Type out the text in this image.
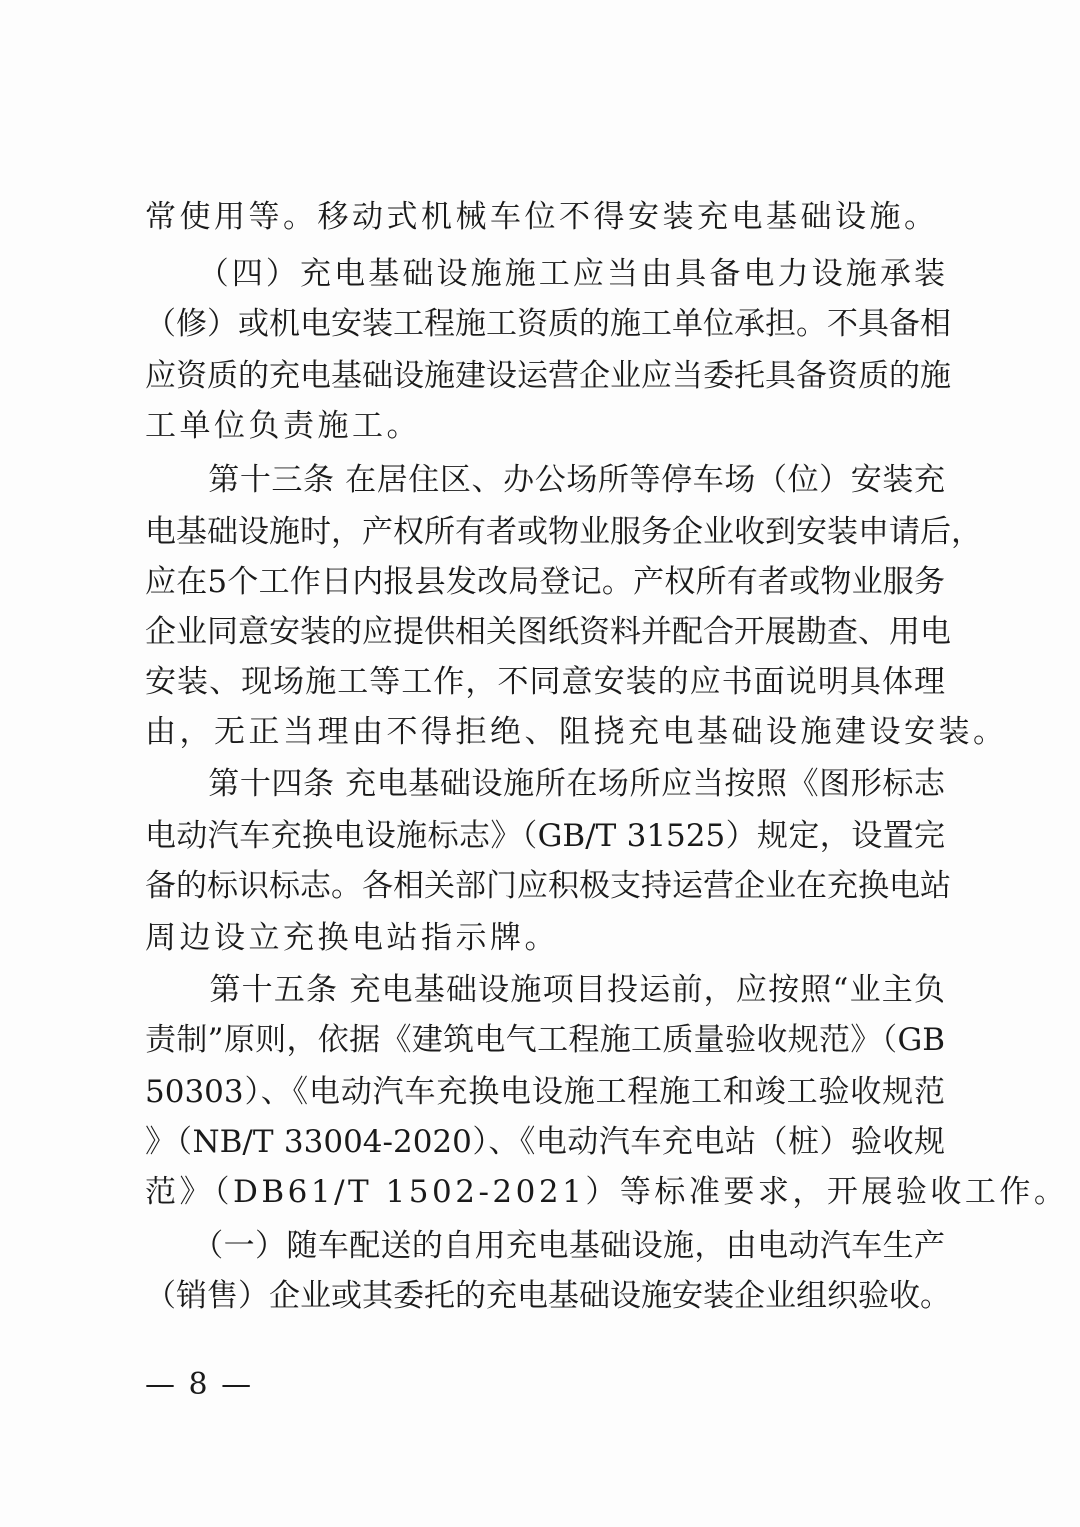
常使用等。移动式机械车位不得安装充电基础设施。
　　（四）充电基础设施施工应当由具备电力设施承装
（修）或机电安装工程施工资质的施工单位承担。不具备相
应资质的充电基础设施建设运营企业应当委托具备资质的施
工单位负责施工。
　　第十三条 在居住区、办公场所等停车场（位）安装充
电基础设施时，产权所有者或物业服务企业收到安装申请后，
应在5个工作日内报县发改局登记。产权所有者或物业服务
企业同意安装的应提供相关图纸资料并配合开展勘查、用电
安装、现场施工等工作，不同意安装的应书面说明具体理
由，无正当理由不得拒绝、阻挠充电基础设施建设安装。
　　第十四条 充电基础设施所在场所应当按照《图形标志
电动汽车充换电设施标志》（GB/T 31525）规定，设置完
备的标识标志。各相关部门应积极支持运营企业在充换电站
周边设立充换电站指示牌。
　　第十五条 充电基础设施项目投运前，应按照“业主负
责制”原则，依据《建筑电气工程施工质量验收规范》（GB
50303）、《电动汽车充换电设施工程施工和竣工验收规范
》（NB/T 33004-2020）、《电动汽车充电站（桩）验收规
范》（DB61/T 1502-2021）等标准要求，开展验收工作。
　　（一）随车配送的自用充电基础设施，由电动汽车生产
（销售）企业或其委托的充电基础设施安装企业组织验收。
— 8 —
